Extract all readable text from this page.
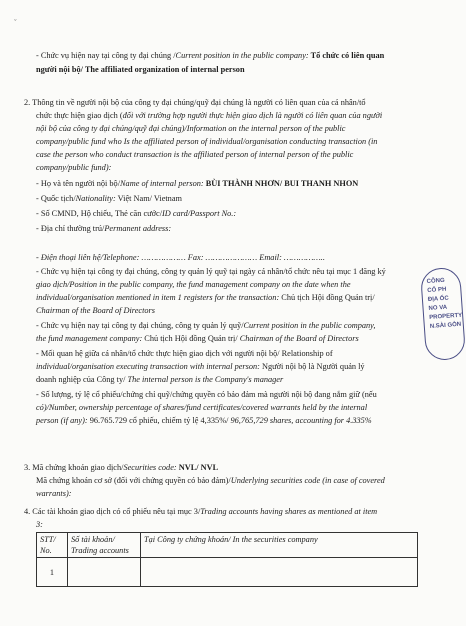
ˇ
- Chức vụ hiện nay tại công ty đại chúng /Current position in the public company: Tổ chức có liên quan
người nội bộ/ The affiliated organization of internal person
2. Thông tin về người nội bộ của công ty đại chúng/quỹ đại chúng là người có liên quan của cá nhân/tổ
chức thực hiện giao dịch (đối với trường hợp người thực hiện giao dịch là người có liên quan của người
nội bộ của công ty đại chúng/quỹ đại chúng)/Information on the internal person of the public
company/public fund who Is the affiliated person of individual/organisation conducting transaction (in
case the person who conduct transaction is the affiliated person of internal person of the public
company/public fund):
- Họ và tên người nội bộ/Name of internal person: BÙI THÀNH NHƠN/ BUI THANH NHON
- Quốc tịch/Nationality: Việt Nam/ Vietnam
- Số CMND, Hộ chiếu, Thẻ căn cước/ID card/Passport No.:
- Địa chỉ thường trú/Permanent address:
- Điện thoại liên hệ/Telephone: ……………… Fax: ………………… Email: ……………..
- Chức vụ hiện tại công ty đại chúng, công ty quản lý quỹ tại ngày cá nhân/tổ chức nêu tại mục 1 đăng ký
giao dịch/Position in the public company, the fund management company on the date when the
individual/organisation mentioned in item 1 registers for the transaction: Chủ tịch Hội đồng Quản trị/
Chairman of the Board of Directors
- Chức vụ hiện nay tại công ty đại chúng, công ty quản lý quỹ/Current position in the public company,
the fund management company: Chủ tịch Hội đồng Quản trị/ Chairman of the Board of Directors
- Mối quan hệ giữa cá nhân/tổ chức thực hiện giao dịch với người nội bộ/ Relationship of
individual/organisation executing transaction with internal person: Người nội bộ là Người quản lý
doanh nghiệp của Công ty/ The internal person is the Company's manager
- Số lượng, tỷ lệ cổ phiếu/chứng chỉ quỹ/chứng quyền có bảo đảm mà người nội bộ đang nắm giữ (nếu
có)/Number, ownership percentage of shares/fund certificates/covered warrants held by the internal
person (if any): 96.765.729 cổ phiếu, chiếm tỷ lệ 4,335%/ 96,765,729 shares, accounting for 4.335%
3. Mã chứng khoán giao dịch/Securities code: NVL/ NVL
Mã chứng khoán cơ sở (đối với chứng quyền có bảo đảm)/Underlying securities code (in case of covered
warrants):
4. Các tài khoản giao dịch có cổ phiếu nêu tại mục 3/Trading accounts having shares as mentioned at item
3:
STT/ No.	Số tài khoản/ Trading accounts	Tại Công ty chứng khoán/ In the securities company
1		
CÔNG
CỔ PH
ĐỊA ỐC
NO VA
PROPERTY
N.SÀI GÒN
